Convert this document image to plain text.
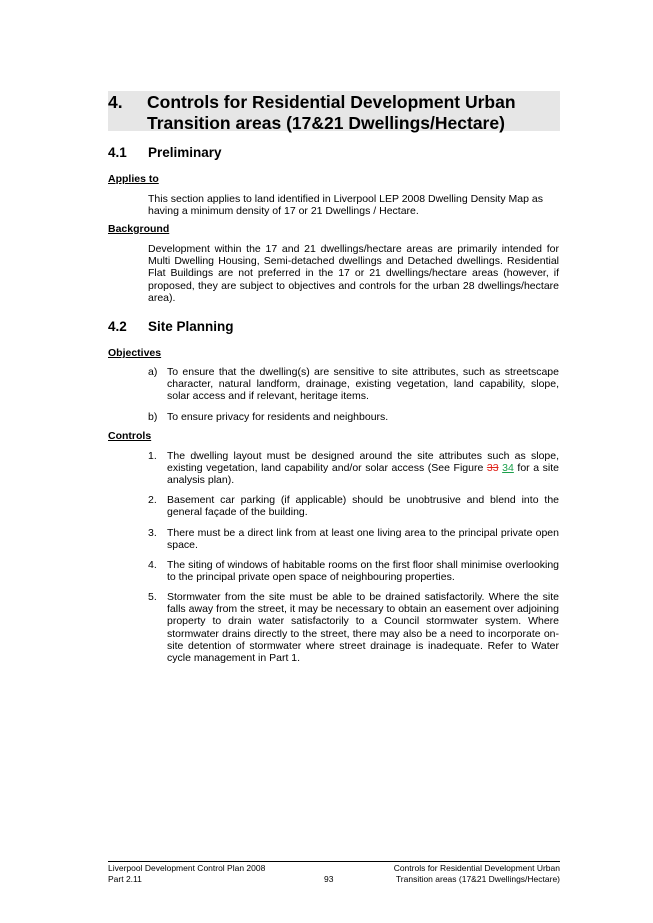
4. Controls for Residential Development Urban Transition areas (17&21 Dwellings/Hectare)
4.1 Preliminary
Applies to
This section applies to land identified in Liverpool LEP 2008 Dwelling Density Map as having a minimum density of 17 or 21 Dwellings / Hectare.
Background
Development within the 17 and 21 dwellings/hectare areas are primarily intended for Multi Dwelling Housing, Semi-detached dwellings and Detached dwellings. Residential Flat Buildings are not preferred in the 17 or 21 dwellings/hectare areas (however, if proposed, they are subject to objectives and controls for the urban 28 dwellings/hectare area).
4.2 Site Planning
Objectives
a) To ensure that the dwelling(s) are sensitive to site attributes, such as streetscape character, natural landform, drainage, existing vegetation, land capability, slope, solar access and if relevant, heritage items.
b) To ensure privacy for residents and neighbours.
Controls
1. The dwelling layout must be designed around the site attributes such as slope, existing vegetation, land capability and/or solar access (See Figure 33 34 for a site analysis plan).
2. Basement car parking (if applicable) should be unobtrusive and blend into the general façade of the building.
3. There must be a direct link from at least one living area to the principal private open space.
4. The siting of windows of habitable rooms on the first floor shall minimise overlooking to the principal private open space of neighbouring properties.
5. Stormwater from the site must be able to be drained satisfactorily. Where the site falls away from the street, it may be necessary to obtain an easement over adjoining property to drain water satisfactorily to a Council stormwater system. Where stormwater drains directly to the street, there may also be a need to incorporate on-site detention of stormwater where street drainage is inadequate. Refer to Water cycle management in Part 1.
Liverpool Development Control Plan 2008
Part 2.11	93
Controls for Residential Development Urban
Transition areas (17&21 Dwellings/Hectare)
